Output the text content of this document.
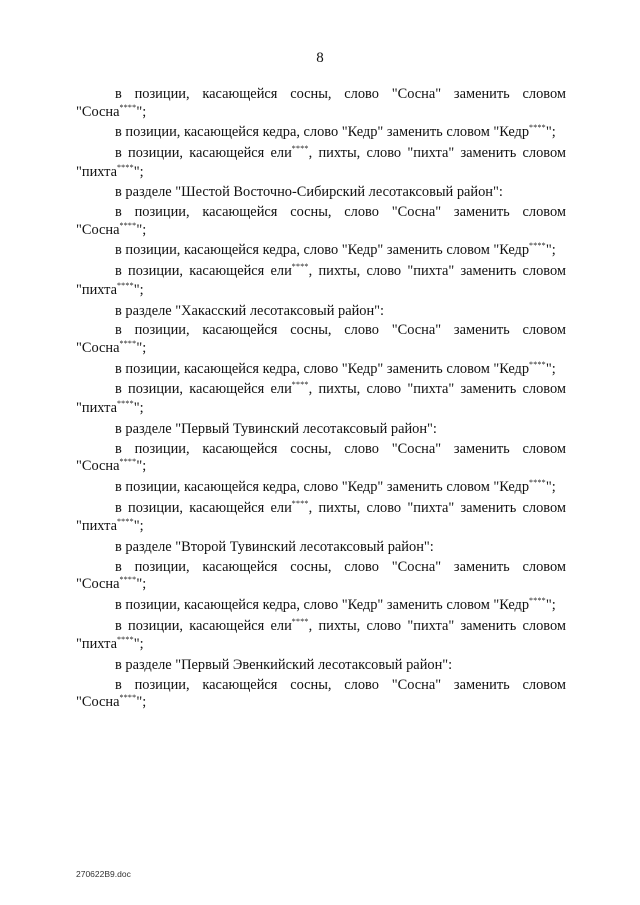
8

в позиции, касающейся сосны, слово "Сосна" заменить словом "Сосна****";

в позиции, касающейся кедра, слово "Кедр" заменить словом "Кедр****";

в позиции, касающейся ели****, пихты, слово "пихта" заменить словом "пихта****";

в разделе "Шестой Восточно-Сибирский лесотаксовый район":

в позиции, касающейся сосны, слово "Сосна" заменить словом "Сосна****";

в позиции, касающейся кедра, слово "Кедр" заменить словом "Кедр****";

в позиции, касающейся ели****, пихты, слово "пихта" заменить словом "пихта****";

в разделе "Хакасский лесотаксовый район":

в позиции, касающейся сосны, слово "Сосна" заменить словом "Сосна****";

в позиции, касающейся кедра, слово "Кедр" заменить словом "Кедр****";

в позиции, касающейся ели****, пихты, слово "пихта" заменить словом "пихта****";

в разделе "Первый Тувинский лесотаксовый район":

в позиции, касающейся сосны, слово "Сосна" заменить словом "Сосна****";

в позиции, касающейся кедра, слово "Кедр" заменить словом "Кедр****";

в позиции, касающейся ели****, пихты, слово "пихта" заменить словом "пихта****";

в разделе "Второй Тувинский лесотаксовый район":

в позиции, касающейся сосны, слово "Сосна" заменить словом "Сосна****";

в позиции, касающейся кедра, слово "Кедр" заменить словом "Кедр****";

в позиции, касающейся ели****, пихты, слово "пихта" заменить словом "пихта****";

в разделе "Первый Эвенкийский лесотаксовый район":

в позиции, касающейся сосны, слово "Сосна" заменить словом "Сосна****";

270622B9.doc
